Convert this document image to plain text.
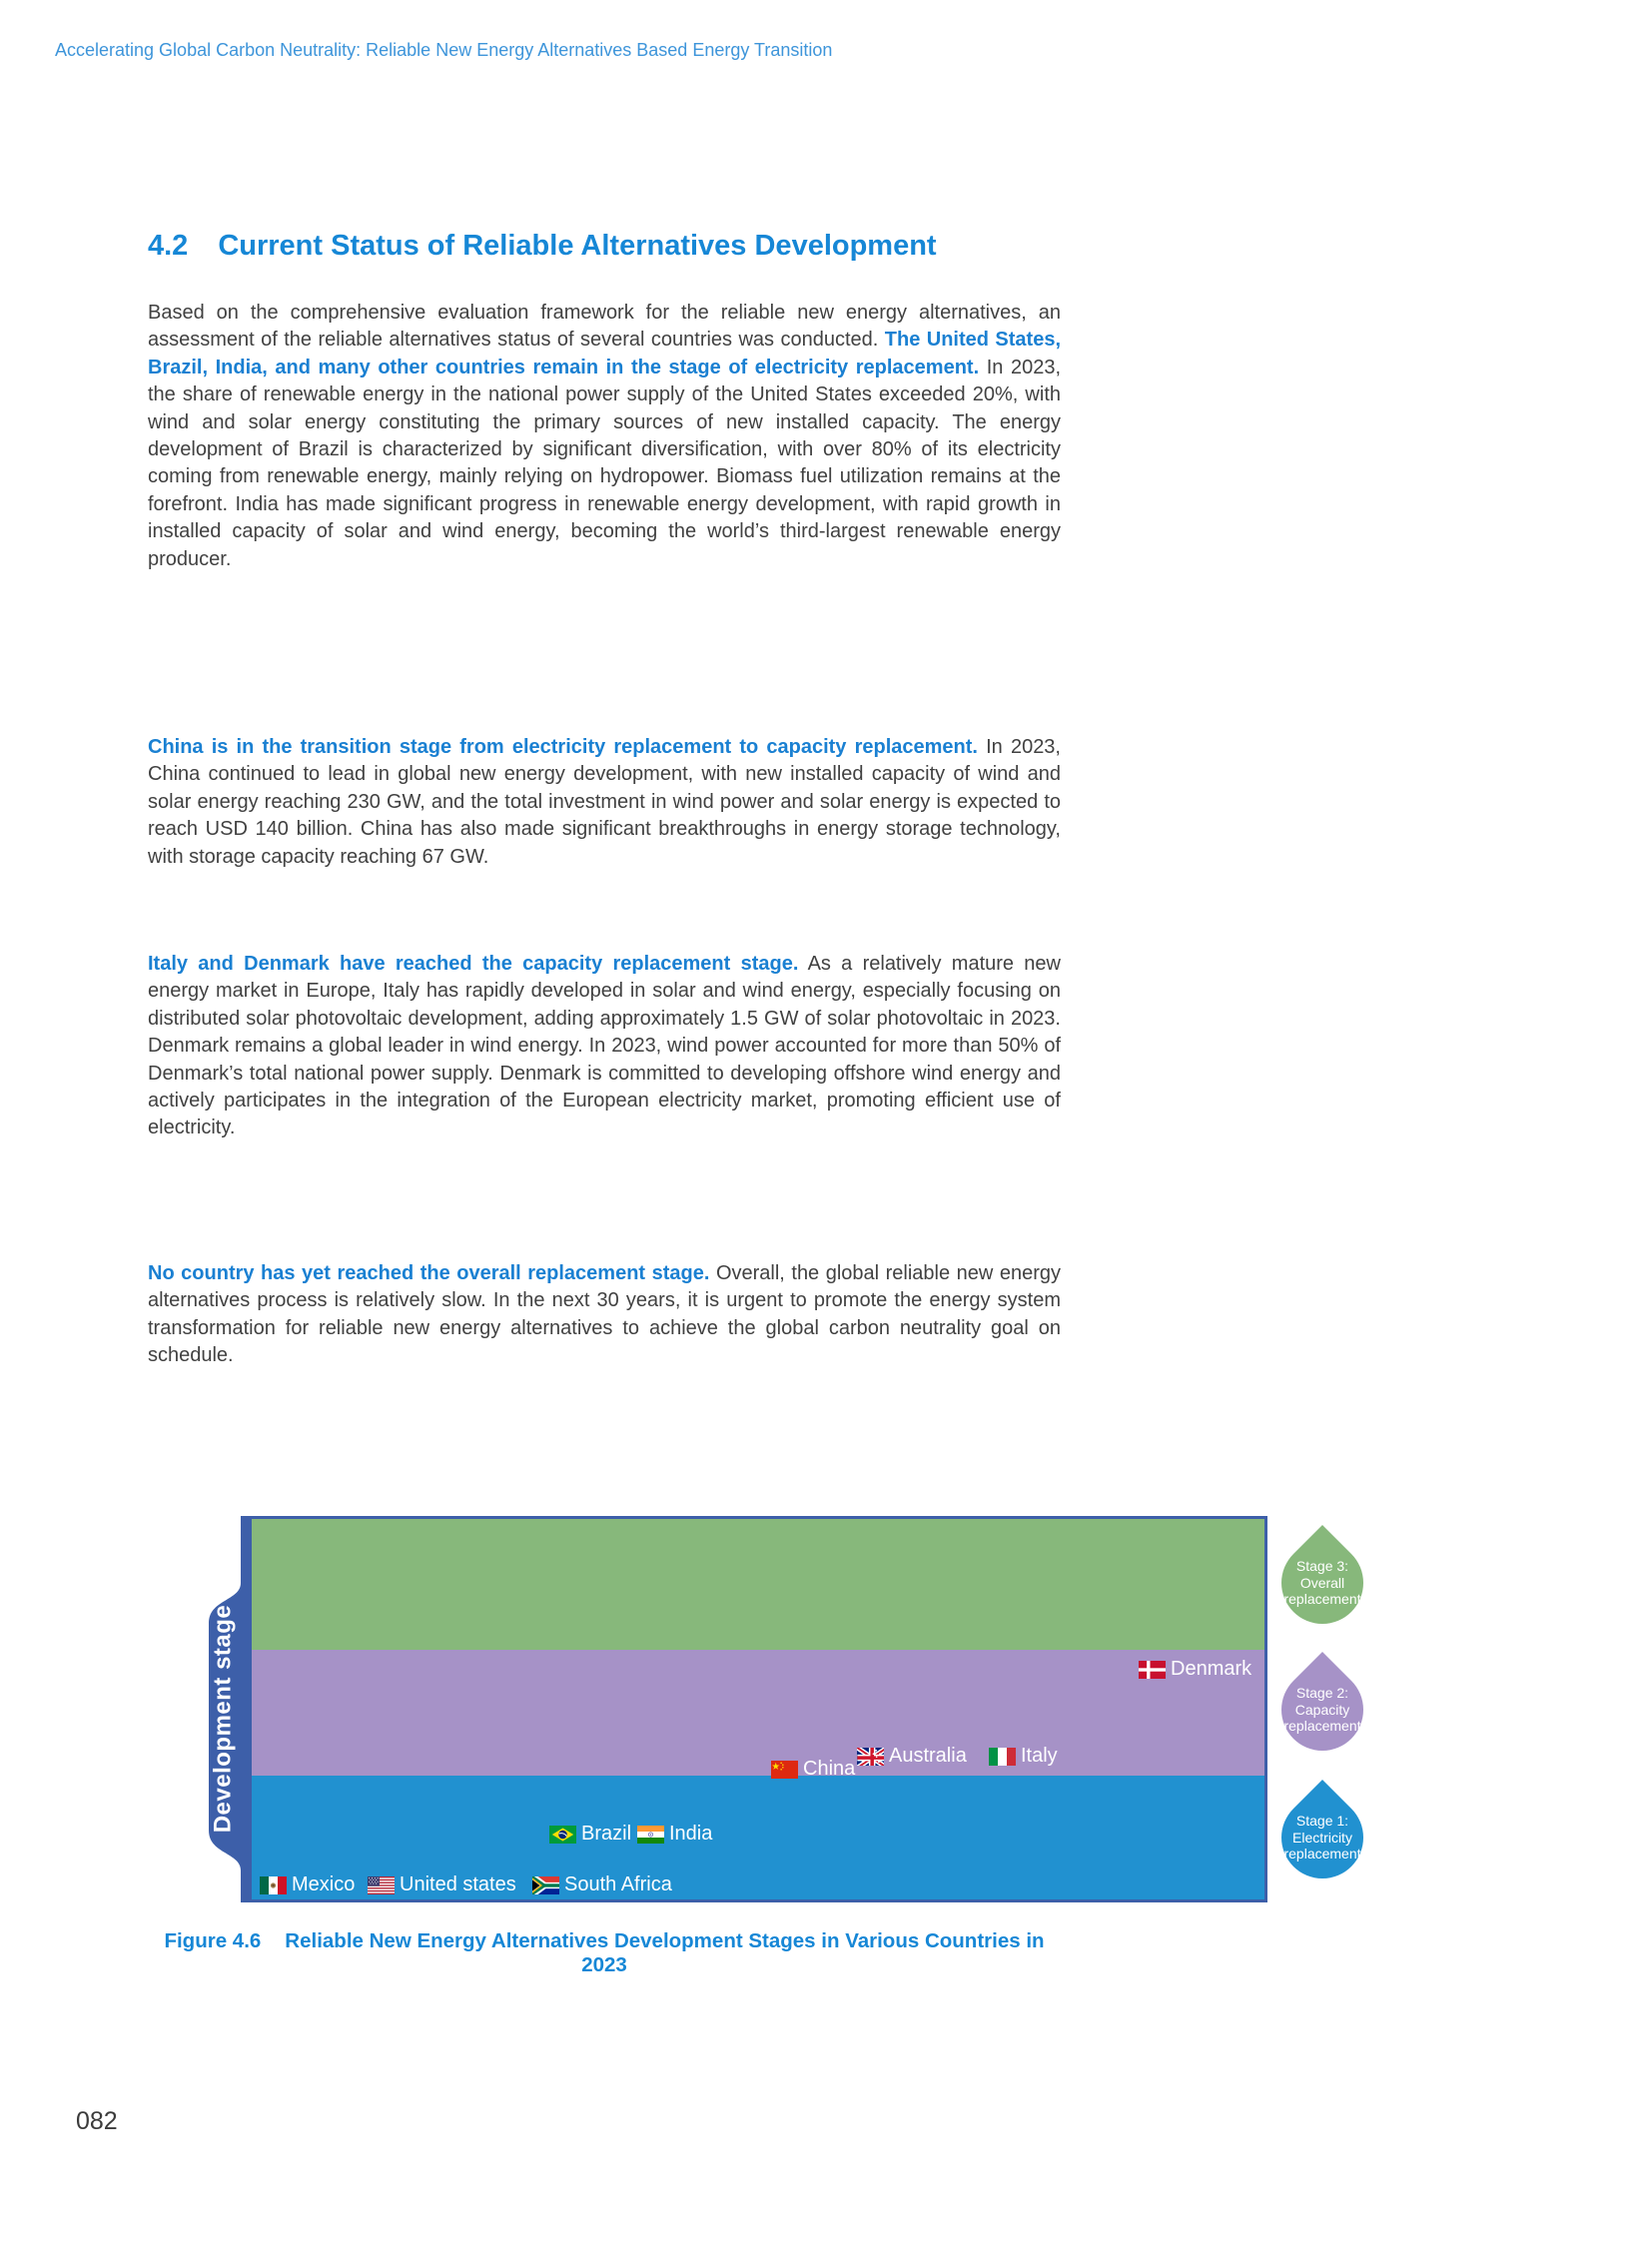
Accelerating Global Carbon Neutrality: Reliable New Energy Alternatives Based Energy Transition
4.2 Current Status of Reliable Alternatives Development

Based on the comprehensive evaluation framework for the reliable new energy alternatives, an assessment of the reliable alternatives status of several countries was conducted. The United States, Brazil, India, and many other countries remain in the stage of electricity replacement. In 2023, the share of renewable energy in the national power supply of the United States exceeded 20%, with wind and solar energy constituting the primary sources of new installed capacity. The energy development of Brazil is characterized by significant diversification, with over 80% of its electricity coming from renewable energy, mainly relying on hydropower. Biomass fuel utilization remains at the forefront. India has made significant progress in renewable energy development, with rapid growth in installed capacity of solar and wind energy, becoming the world’s third-largest renewable energy producer.

China is in the transition stage from electricity replacement to capacity replacement. In 2023, China continued to lead in global new energy development, with new installed capacity of wind and solar energy reaching 230 GW, and the total investment in wind power and solar energy is expected to reach USD 140 billion. China has also made significant breakthroughs in energy storage technology, with storage capacity reaching 67 GW.

Italy and Denmark have reached the capacity replacement stage. As a relatively mature new energy market in Europe, Italy has rapidly developed in solar and wind energy, especially focusing on distributed solar photovoltaic development, adding approximately 1.5 GW of solar photovoltaic in 2023. Denmark remains a global leader in wind energy. In 2023, wind power accounted for more than 50% of Denmark’s total national power supply. Denmark is committed to developing offshore wind energy and actively participates in the integration of the European electricity market, promoting efficient use of electricity.

No country has yet reached the overall replacement stage. Overall, the global reliable new energy alternatives process is relatively slow. In the next 30 years, it is urgent to promote the energy system transformation for reliable new energy alternatives to achieve the global carbon neutrality goal on schedule.

Development stage
Mexico United states South Africa
Brazil India
China
Australia	Italy
Denmark
Stage 3:
Overall
replacement
Stage 2:
Capacity
replacement
Stage 1:
Electricity
replacement
Figure 4.6 Reliable New Energy Alternatives Development Stages in Various Countries in 2023
082
